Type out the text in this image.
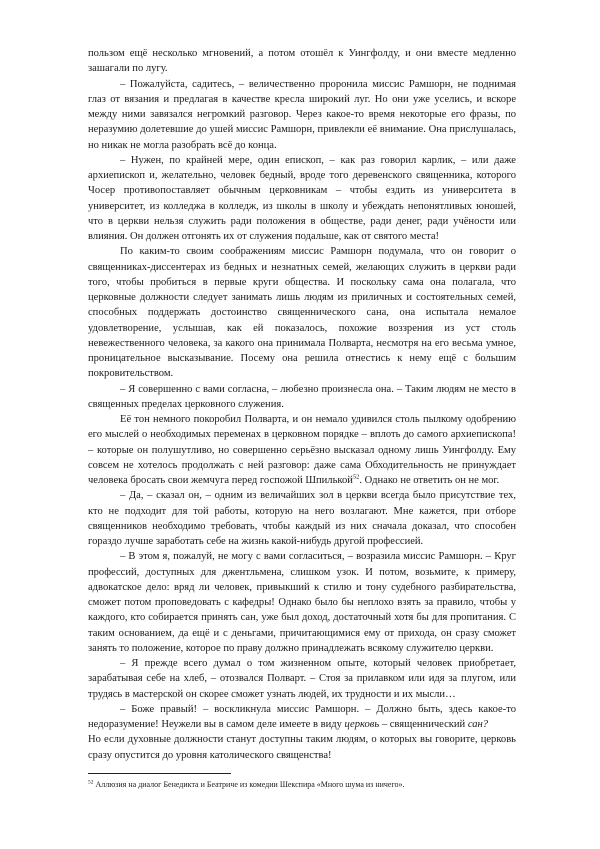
пользом ещё несколько мгновений, а потом отошёл к Уингфолду, и они вместе медленно зашагали по лугу.

– Пожалуйста, садитесь, – величественно проронила миссис Рамшорн, не поднимая глаз от вязания и предлагая в качестве кресла широкий луг. Но они уже уселись, и вскоре между ними завязался негромкий разговор. Через какое-то время некоторые его фразы, по неразумию долетевшие до ушей миссис Рамшорн, привлекли её внимание. Она прислушалась, но никак не могла разобрать всё до конца.

– Нужен, по крайней мере, один епископ, – как раз говорил карлик, – или даже архиепископ и, желательно, человек бедный, вроде того деревенского священника, которого Чосер противопоставляет обычным церковникам – чтобы ездить из университета в университет, из колледжа в колледж, из школы в школу и убеждать непонятливых юношей, что в церкви нельзя служить ради положения в обществе, ради денег, ради учёности или влияния. Он должен отгонять их от служения подальше, как от святого места!

По каким-то своим соображениям миссис Рамшорн подумала, что он говорит о священниках-диссентерах из бедных и незнатных семей, желающих служить в церкви ради того, чтобы пробиться в первые круги общества. И поскольку сама она полагала, что церковные должности следует занимать лишь людям из приличных и состоятельных семей, способных поддержать достоинство священнического сана, она испытала немалое удовлетворение, услышав, как ей показалось, похожие воззрения из уст столь невежественного человека, за какого она принимала Полварта, несмотря на его весьма умное, проницательное высказывание. Посему она решила отнестись к нему ещё с большим покровительством.

– Я совершенно с вами согласна, – любезно произнесла она. – Таким людям не место в священных пределах церковного служения.

Её тон немного покоробил Полварта, и он немало удивился столь пылкому одобрению его мыслей о необходимых переменах в церковном порядке – вплоть до самого архиепископа! – которые он полушутливо, но совершенно серьёзно высказал одному лишь Уингфолду. Ему совсем не хотелось продолжать с ней разговор: даже сама Обходительность не принуждает человека бросать свои жемчуга перед госпожой Шпилькой$^{52}$. Однако не ответить он не мог.

– Да, – сказал он, – одним из величайших зол в церкви всегда было присутствие тех, кто не подходит для той работы, которую на него возлагают. Мне кажется, при отборе священников необходимо требовать, чтобы каждый из них сначала доказал, что способен гораздо лучше заработать себе на жизнь какой-нибудь другой профессией.

– В этом я, пожалуй, не могу с вами согласиться, – возразила миссис Рамшорн. – Круг профессий, доступных для джентльмена, слишком узок. И потом, возьмите, к примеру, адвокатское дело: вряд ли человек, привыкший к стилю и тону судебного разбирательства, сможет потом проповедовать с кафедры! Однако было бы неплохо взять за правило, чтобы у каждого, кто собирается принять сан, уже был доход, достаточный хотя бы для пропитания. С таким основанием, да ещё и с деньгами, причитающимися ему от прихода, он сразу сможет занять то положение, которое по праву должно принадлежать всякому служителю церкви.

– Я прежде всего думал о том жизненном опыте, который человек приобретает, зарабатывая себе на хлеб, – отозвался Полварт. – Стоя за прилавком или идя за плугом, или трудясь в мастерской он скорее сможет узнать людей, их трудности и их мысли…

– Боже правый! – воскликнула миссис Рамшорн. – Должно быть, здесь какое-то недоразумение! Неужели вы в самом деле имеете в виду церковь – священнический сан?

Но если духовные должности станут доступны таким людям, о которых вы говорите, церковь сразу опустится до уровня католического священства!

$^{52}$ Аллюзия на диалог Бенедикта и Беатриче из комедии Шекспира «Много шума из ничего».
